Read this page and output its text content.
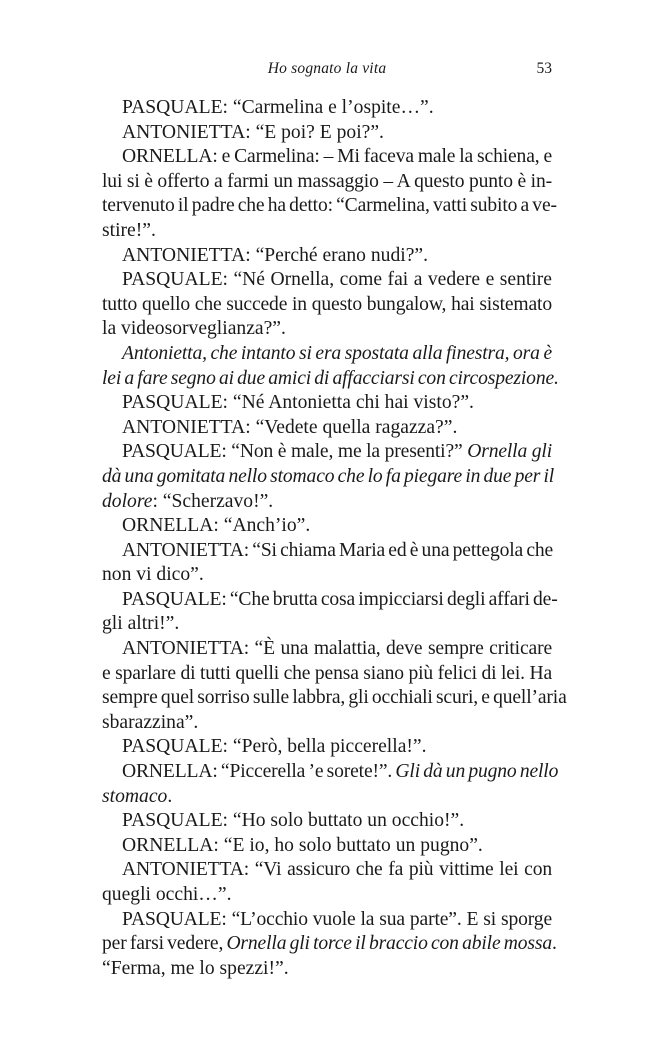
Ho sognato la vita	53
PASQUALE: “Carmelina e l’ospite…”.
ANTONIETTA: “E poi? E poi?”.
ORNELLA: e Carmelina: – Mi faceva male la schiena, e
lui si è offerto a farmi un massaggio – A questo punto è in-
tervenuto il padre che ha detto: “Carmelina, vatti subito a ve-
stire!”.
ANTONIETTA: “Perché erano nudi?”.
PASQUALE: “Né Ornella, come fai a vedere e sentire
tutto quello che succede in questo bungalow, hai sistemato
la videosorveglianza?”.
Antonietta, che intanto si era spostata alla finestra, ora è
lei a fare segno ai due amici di affacciarsi con circospezione.
PASQUALE: “Né Antonietta chi hai visto?”.
ANTONIETTA: “Vedete quella ragazza?”.
PASQUALE: “Non è male, me la presenti?” Ornella gli
dà una gomitata nello stomaco che lo fa piegare in due per il
dolore: “Scherzavo!”.
ORNELLA: “Anch’io”.
ANTONIETTA: “Si chiama Maria ed è una pettegola che
non vi dico”.
PASQUALE: “Che brutta cosa impicciarsi degli affari de-
gli altri!”.
ANTONIETTA: “È una malattia, deve sempre criticare
e sparlare di tutti quelli che pensa siano più felici di lei. Ha
sempre quel sorriso sulle labbra, gli occhiali scuri, e quell’aria
sbarazzina”.
PASQUALE: “Però, bella piccerella!”.
ORNELLA: “Piccerella ’e sorete!”. Gli dà un pugno nello
stomaco.
PASQUALE: “Ho solo buttato un occhio!”.
ORNELLA: “E io, ho solo buttato un pugno”.
ANTONIETTA: “Vi assicuro che fa più vittime lei con
quegli occhi…”.
PASQUALE: “L’occhio vuole la sua parte”. E si sporge
per farsi vedere, Ornella gli torce il braccio con abile mossa.
“Ferma, me lo spezzi!”.
